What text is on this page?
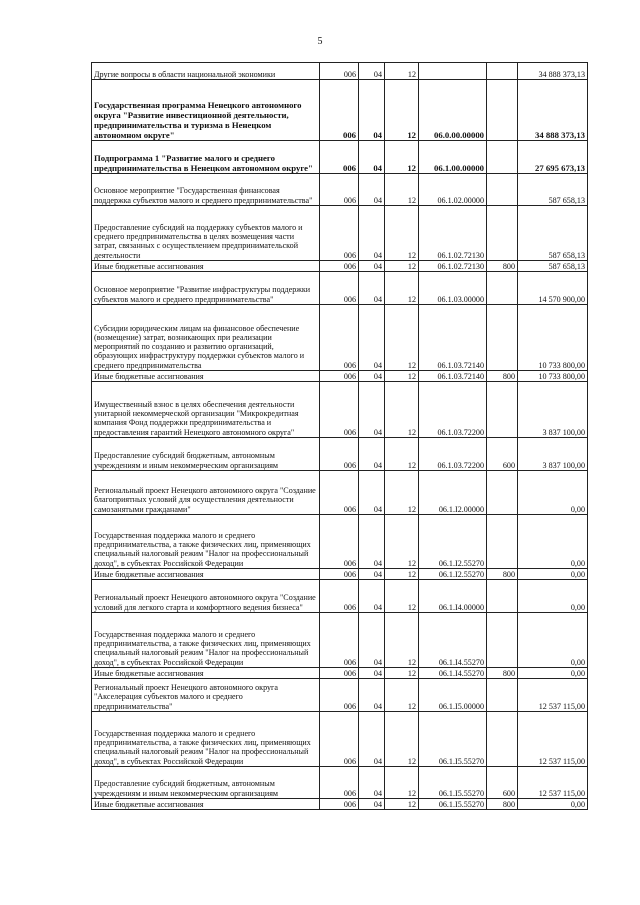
5
Другие вопросы в области национальной экономики	006	04	12			34 888 373,13
Государственная программа Ненецкого автономного округа "Развитие инвестиционной деятельности, предпринимательства и туризма в Ненецком автономном округе"	006	04	12	06.0.00.00000		34 888 373,13
Подпрограмма 1 "Развитие малого и среднего предпринимательства в Ненецком автономном округе"	006	04	12	06.1.00.00000		27 695 673,13
Основное мероприятие "Государственная финансовая поддержка субъектов малого и среднего предпринимательства"	006	04	12	06.1.02.00000		587 658,13
Предоставление субсидий на поддержку субъектов малого и среднего предпринимательства в целях возмещения части затрат, связанных с осуществлением предпринимательской деятельности	006	04	12	06.1.02.72130		587 658,13
Иные бюджетные ассигнования	006	04	12	06.1.02.72130	800	587 658,13
Основное мероприятие "Развитие инфраструктуры поддержки субъектов малого и среднего предпринимательства"	006	04	12	06.1.03.00000		14 570 900,00
Субсидии юридическим лицам на финансовое обеспечение (возмещение) затрат, возникающих при реализации мероприятий по созданию и развитию организаций, образующих инфраструктуру поддержки субъектов малого и среднего предпринимательства	006	04	12	06.1.03.72140		10 733 800,00
Иные бюджетные ассигнования	006	04	12	06.1.03.72140	800	10 733 800,00
Имущественный взнос в целях обеспечения деятельности унитарной некоммерческой организации "Микрокредитная компания Фонд поддержки предпринимательства и предоставления гарантий Ненецкого автономного округа"	006	04	12	06.1.03.72200		3 837 100,00
Предоставление субсидий бюджетным, автономным учреждениям и иным некоммерческим организациям	006	04	12	06.1.03.72200	600	3 837 100,00
Региональный проект Ненецкого автономного округа "Создание благоприятных условий для осуществления деятельности самозанятыми гражданами"	006	04	12	06.1.I2.00000		0,00
Государственная поддержка малого и среднего предпринимательства, а также физических лиц, применяющих специальный налоговый режим "Налог на профессиональный доход", в субъектах Российской Федерации	006	04	12	06.1.I2.55270		0,00
Иные бюджетные ассигнования	006	04	12	06.1.I2.55270	800	0,00
Региональный проект Ненецкого автономного округа "Создание условий для легкого старта и комфортного ведения бизнеса"	006	04	12	06.1.I4.00000		0,00
Государственная поддержка малого и среднего предпринимательства, а также физических лиц, применяющих специальный налоговый режим "Налог на профессиональный доход", в субъектах Российской Федерации	006	04	12	06.1.I4.55270		0,00
Иные бюджетные ассигнования	006	04	12	06.1.I4.55270	800	0,00
Региональный проект Ненецкого автономного округа "Акселерация субъектов малого и среднего предпринимательства"	006	04	12	06.1.I5.00000		12 537 115,00
Государственная поддержка малого и среднего предпринимательства, а также физических лиц, применяющих специальный налоговый режим "Налог на профессиональный доход", в субъектах Российской Федерации	006	04	12	06.1.I5.55270		12 537 115,00
Предоставление субсидий бюджетным, автономным учреждениям и иным некоммерческим организациям	006	04	12	06.1.I5.55270	600	12 537 115,00
Иные бюджетные ассигнования	006	04	12	06.1.I5.55270	800	0,00
